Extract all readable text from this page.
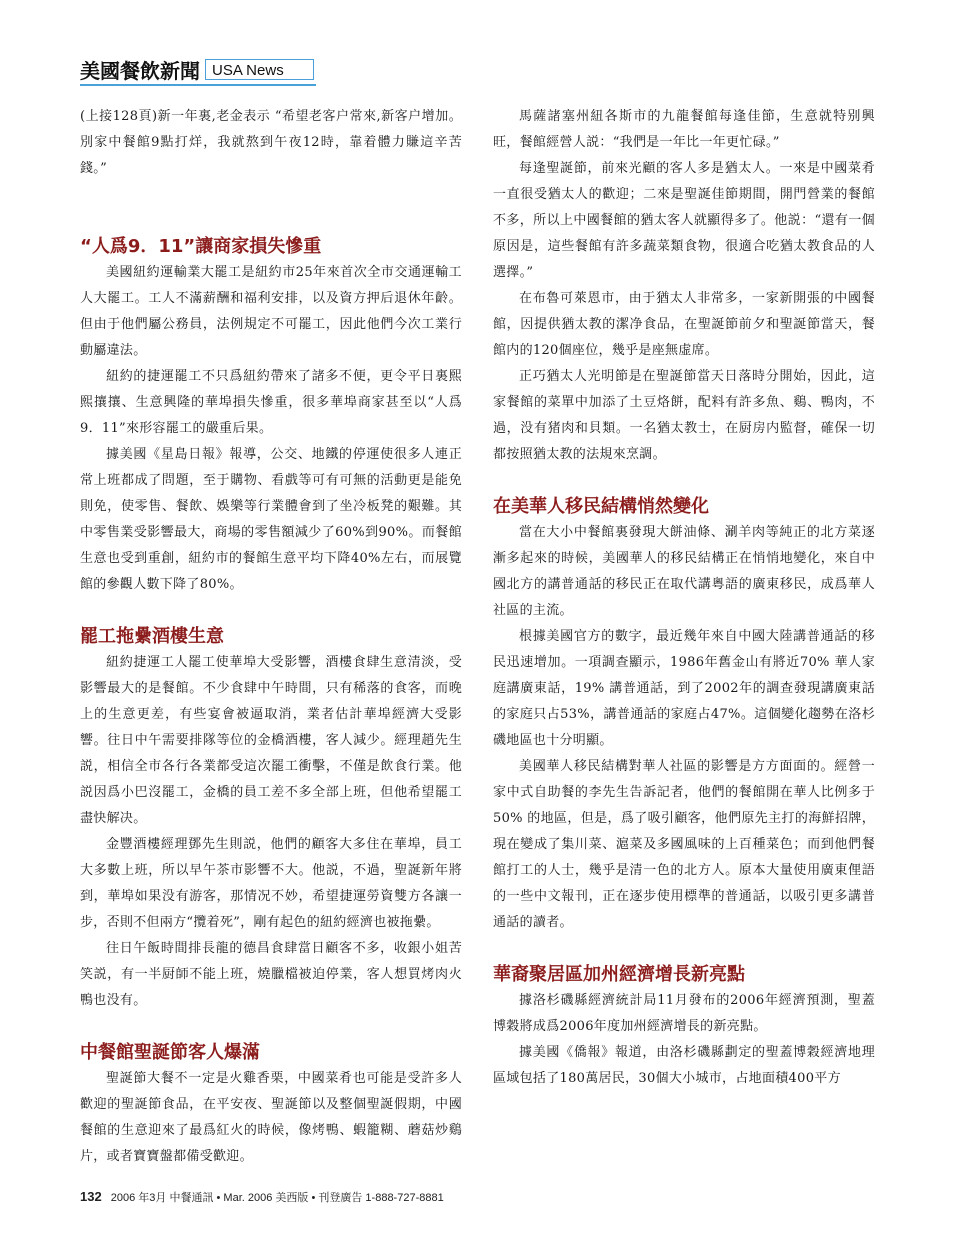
美國餐飲新聞 USA News

(上接128頁)新一年裏,老金表示 “希望老客户常來,新客户增加。別家中餐館9點打烊，我就熬到午夜12時，靠着體力賺這辛苦錢。”

“人爲9．11”讓商家損失慘重

美國紐約運輸業大罷工是紐約市25年來首次全市交通運輸工人大罷工。工人不滿薪酬和福利安排，以及資方押后退休年齡。但由于他們屬公務員，法例規定不可罷工，因此他們今次工業行動屬違法。

紐約的捷運罷工不只爲紐約帶來了諸多不便，更令平日裏熙熙攘攘、生意興隆的華埠損失慘重，很多華埠商家甚至以“人爲9．11”來形容罷工的嚴重后果。

據美國《星島日報》報導，公交、地鐵的停運使很多人連正常上班都成了問題，至于購物、看戲等可有可無的活動更是能免則免，使零售、餐飲、娛樂等行業體會到了坐冷板凳的艱難。其中零售業受影響最大，商場的零售額減少了60%到90%。而餐館生意也受到重創，紐約市的餐館生意平均下降40%左右，而展覽館的參觀人數下降了80%。

罷工拖纍酒樓生意

紐約捷運工人罷工使華埠大受影響，酒樓食肆生意清淡，受影響最大的是餐館。不少食肆中午時間，只有稀落的食客，而晚上的生意更差，有些宴會被逼取消，業者估計華埠經濟大受影響。往日中午需要排隊等位的金橋酒樓，客人減少。經理趙先生説，相信全市各行各業都受這次罷工衝擊，不僅是飲食行業。他説因爲小巴沒罷工，金橋的員工差不多全部上班，但他希望罷工盡快解决。

金豐酒樓經理鄧先生則説，他們的顧客大多住在華埠，員工大多數上班，所以早午茶市影響不大。他説，不過，聖誕新年將到，華埠如果没有游客，那情况不妙，希望捷運勞資雙方各讓一步，否則不但兩方“攬着死”，剛有起色的紐約經濟也被拖纍。

往日午飯時間排長龍的德昌食肆當日顧客不多，收銀小姐苦笑説，有一半厨師不能上班，燒臘檔被迫停業，客人想買烤肉火鴨也没有。

中餐館聖誕節客人爆滿

聖誕節大餐不一定是火雞香栗，中國菜肴也可能是受許多人歡迎的聖誕節食品，在平安夜、聖誕節以及整個聖誕假期，中國餐館的生意迎來了最爲紅火的時候，像烤鴨、蝦籠糊、蘑菇炒鷄片，或者寶寶盤都備受歡迎。

馬薩諸塞州紐各斯市的九龍餐館每逢佳節，生意就特别興旺，餐館經營人説：“我們是一年比一年更忙碌。”

每逢聖誕節，前來光顧的客人多是猶太人。一來是中國菜肴一直很受猶太人的歡迎；二來是聖誕佳節期間，開門營業的餐館不多，所以上中國餐館的猶太客人就顯得多了。他説：“還有一個原因是，這些餐館有許多蔬菜類食物，很適合吃猶太教食品的人選擇。”

在布魯可萊恩市，由于猶太人非常多，一家新開張的中國餐館，因提供猶太教的潔净食品，在聖誕節前夕和聖誕節當天，餐館内的120個座位，幾乎是座無虚席。

正巧猶太人光明節是在聖誕節當天日落時分開始，因此，這家餐館的菜單中加添了土豆烙餅，配料有許多魚、鷄、鴨肉，不過，没有猪肉和貝類。一名猶太教士，在厨房内監督，確保一切都按照猶太教的法規來烹調。

在美華人移民結構悄然變化

當在大小中餐館裏發現大餅油條、涮羊肉等純正的北方菜逐漸多起來的時候，美國華人的移民結構正在悄悄地變化，來自中國北方的講普通話的移民正在取代講粵語的廣東移民，成爲華人社區的主流。

根據美國官方的數字，最近幾年來自中國大陸講普通話的移民迅速增加。一項調查顯示，1986年舊金山有將近70% 華人家庭講廣東話，19% 講普通話，到了2002年的調查發現講廣東話的家庭只占53%，講普通話的家庭占47%。這個變化趨勢在洛杉磯地區也十分明顯。

美國華人移民結構對華人社區的影響是方方面面的。經營一家中式自助餐的李先生告訴記者，他們的餐館開在華人比例多于50% 的地區，但是，爲了吸引顧客，他們原先主打的海鮮招牌，現在變成了集川菜、滬菜及多國風味的上百種菜色；而到他們餐館打工的人士，幾乎是清一色的北方人。原本大量使用廣東俚語的一些中文報刊，正在逐步使用標準的普通話，以吸引更多講普通話的讀者。

華裔聚居區加州經濟增長新亮點

據洛杉磯縣經濟統計局11月發布的2006年經濟預測，聖蓋博穀將成爲2006年度加州經濟增長的新亮點。

據美國《僑報》報道，由洛杉磯縣劃定的聖蓋博穀經濟地理區域包括了180萬居民，30個大小城市，占地面積400平方

132 2006 年3月 中餐通訊 • Mar. 2006 美西版 • 刊登廣告 1-888-727-8881
